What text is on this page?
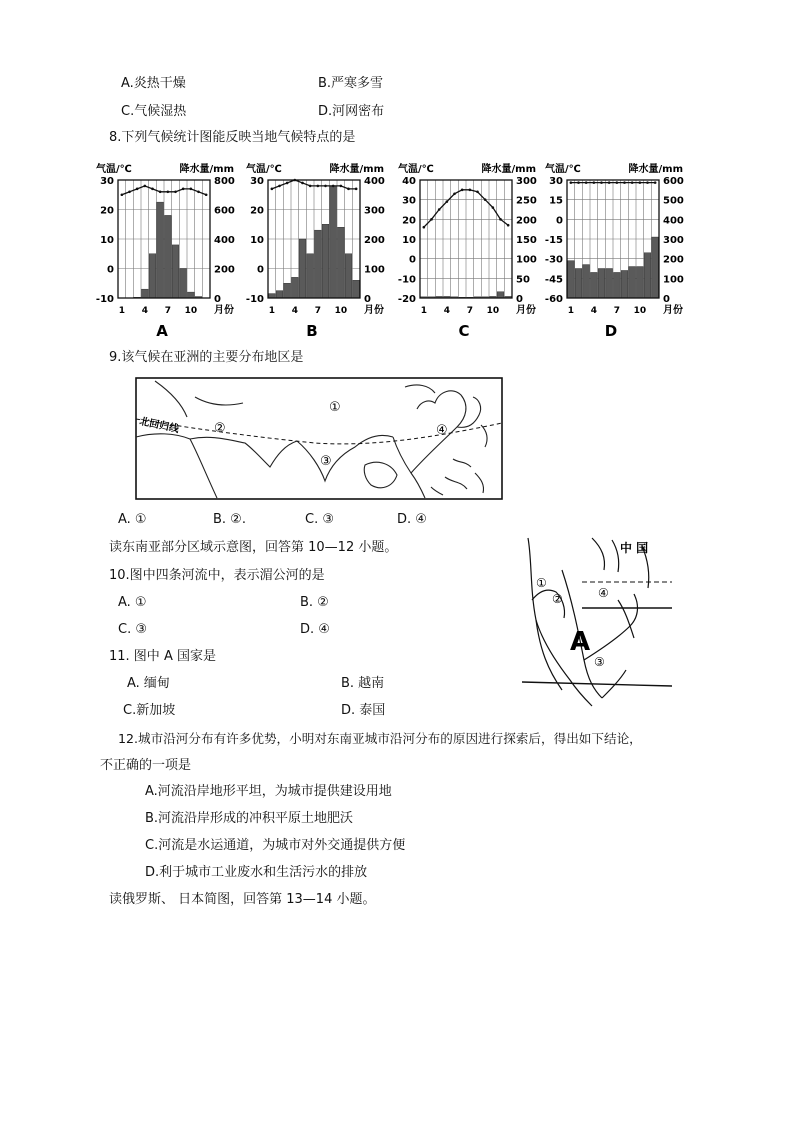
A.炎热干燥	B.严寒多雪
C.气候湿热	D.河网密布
8.下列气候统计图能反映当地气候特点的是
气温/℃	降水量/mm
30
20
10
0
-10
800
600
400
200
0
1 4 7 10 月份
A
气温/℃	降水量/mm
30
20
10
0
-10
400
300
200
100
0
1 4 7 10 月份
B
气温/℃	降水量/mm
40
30
20
10
0
-10
-20
300
250
200
150
100
50
0
1 4 7 10 月份
C
气温/℃	降水量/mm
30
15
0
-15
-30
-45
-60
600
500
400
300
200
100
0
1 4 7 10 月份
D
9.该气候在亚洲的主要分布地区是
北回归线
①
②
③
④
A. ①	B. ②.	C. ③	D. ④
读东南亚部分区域示意图，回答第 10—12 小题。	中 国
A
①
②
③
④
10.图中四条河流中，表示湄公河的是
A. ①	B. ②
C. ③	D. ④
11. 图中 A 国家是
A. 缅甸	B. 越南
C.新加坡	D. 泰国
12.城市沿河分布有许多优势，小明对东南亚城市沿河分布的原因进行探索后，得出如下结论，
不正确的一项是
A.河流沿岸地形平坦，为城市提供建设用地
B.河流沿岸形成的冲积平原土地肥沃
C.河流是水运通道，为城市对外交通提供方便
D.利于城市工业废水和生活污水的排放
读俄罗斯、 日本简图，回答第 13—14 小题。
